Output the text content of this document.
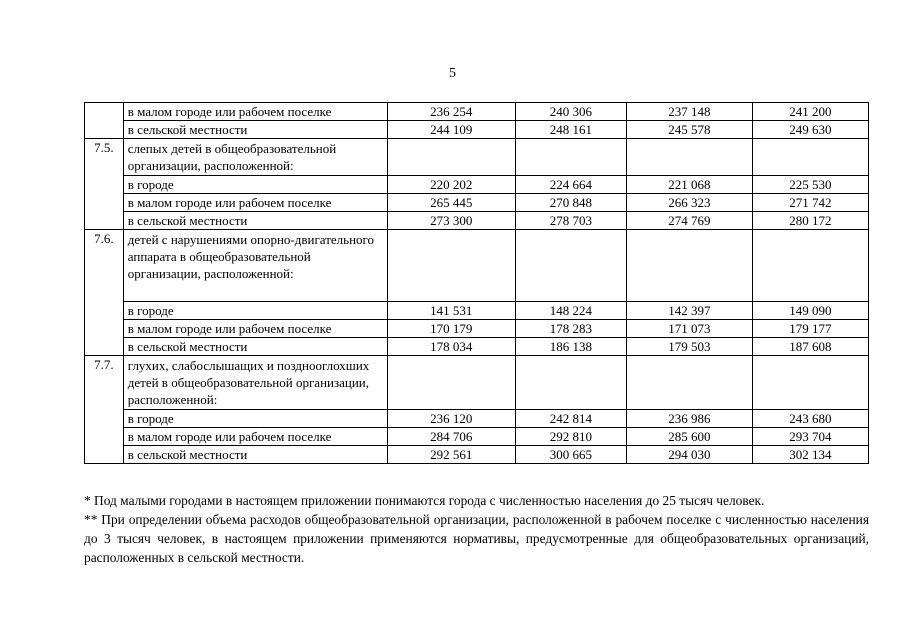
5
	в малом городе или рабочем поселке	236 254	240 306	237 148	241 200
	в сельской местности	244 109	248 161	245 578	249 630
7.5.	слепых детей в общеобразовательной организации, расположенной:				
	в городе	220 202	224 664	221 068	225 530
	в малом городе или рабочем поселке	265 445	270 848	266 323	271 742
	в сельской местности	273 300	278 703	274 769	280 172
7.6.	детей с нарушениями опорно-двигательного аппарата в общеобразовательной организации, расположенной:				
	в городе	141 531	148 224	142 397	149 090
	в малом городе или рабочем поселке	170 179	178 283	171 073	179 177
	в сельской местности	178 034	186 138	179 503	187 608
7.7.	глухих, слабослышащих и позднооглохших детей в общеобразовательной организации, расположенной:				
	в городе	236 120	242 814	236 986	243 680
	в малом городе или рабочем поселке	284 706	292 810	285 600	293 704
	в сельской местности	292 561	300 665	294 030	302 134

* Под малыми городами в настоящем приложении понимаются города с численностью населения до 25 тысяч человек.

** При определении объема расходов общеобразовательной организации, расположенной в рабочем поселке с численностью населения до 3 тысяч человек, в настоящем приложении применяются нормативы, предусмотренные для общеобразовательных организаций, расположенных в сельской местности.
